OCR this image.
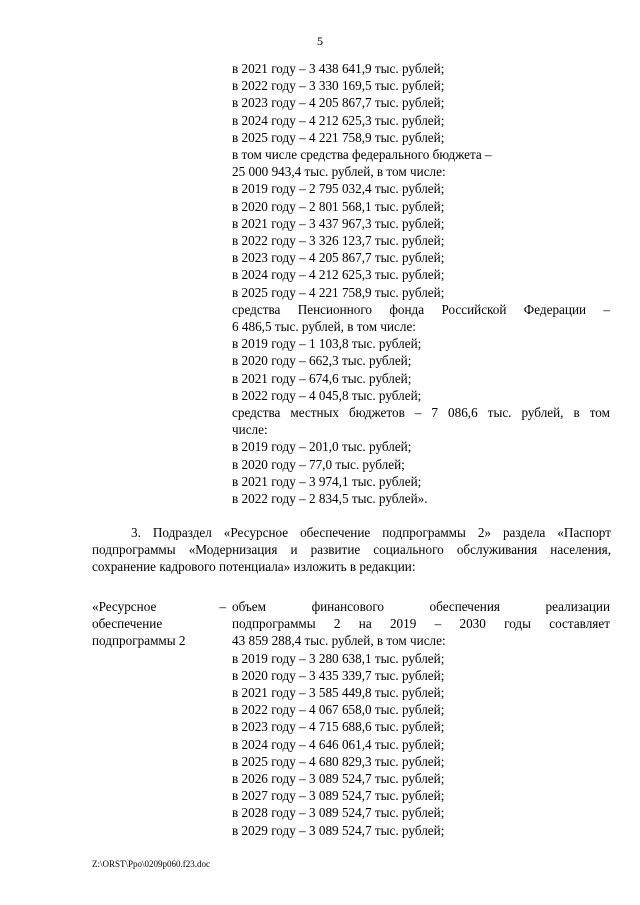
5
в 2021 году – 3 438 641,9 тыс. рублей;
в 2022 году – 3 330 169,5 тыс. рублей;
в 2023 году – 4 205 867,7 тыс. рублей;
в 2024 году – 4 212 625,3 тыс. рублей;
в 2025 году – 4 221 758,9 тыс. рублей;
в том числе средства федерального бюджета –
25 000 943,4 тыс. рублей, в том числе:
в 2019 году – 2 795 032,4 тыс. рублей;
в 2020 году – 2 801 568,1 тыс. рублей;
в 2021 году – 3 437 967,3 тыс. рублей;
в 2022 году – 3 326 123,7 тыс. рублей;
в 2023 году – 4 205 867,7 тыс. рублей;
в 2024 году – 4 212 625,3 тыс. рублей;
в 2025 году – 4 221 758,9 тыс. рублей;
средства Пенсионного фонда Российской Федерации –
6 486,5 тыс. рублей, в том числе:
в 2019 году – 1 103,8 тыс. рублей;
в 2020 году – 662,3 тыс. рублей;
в 2021 году – 674,6 тыс. рублей;
в 2022 году – 4 045,8 тыс. рублей;
средства местных бюджетов – 7 086,6 тыс. рублей, в том
числе:
в 2019 году – 201,0 тыс. рублей;
в 2020 году – 77,0 тыс. рублей;
в 2021 году – 3 974,1 тыс. рублей;
в 2022 году – 2 834,5 тыс. рублей».
3. Подраздел «Ресурсное обеспечение подпрограммы 2» раздела «Паспорт
подпрограммы «Модернизация и развитие социального обслуживания населения,
сохранение кадрового потенциала» изложить в редакции:
«Ресурсное	–
обеспечение
подпрограммы 2
объем финансового обеспечения реализации
подпрограммы 2 на 2019 – 2030 годы составляет
43 859 288,4 тыс. рублей, в том числе:
в 2019 году – 3 280 638,1 тыс. рублей;
в 2020 году – 3 435 339,7 тыс. рублей;
в 2021 году – 3 585 449,8 тыс. рублей;
в 2022 году – 4 067 658,0 тыс. рублей;
в 2023 году – 4 715 688,6 тыс. рублей;
в 2024 году – 4 646 061,4 тыс. рублей;
в 2025 году – 4 680 829,3 тыс. рублей;
в 2026 году – 3 089 524,7 тыс. рублей;
в 2027 году – 3 089 524,7 тыс. рублей;
в 2028 году – 3 089 524,7 тыс. рублей;
в 2029 году – 3 089 524,7 тыс. рублей;
Z:\ORST\Ppo\0209p060.f23.doc
